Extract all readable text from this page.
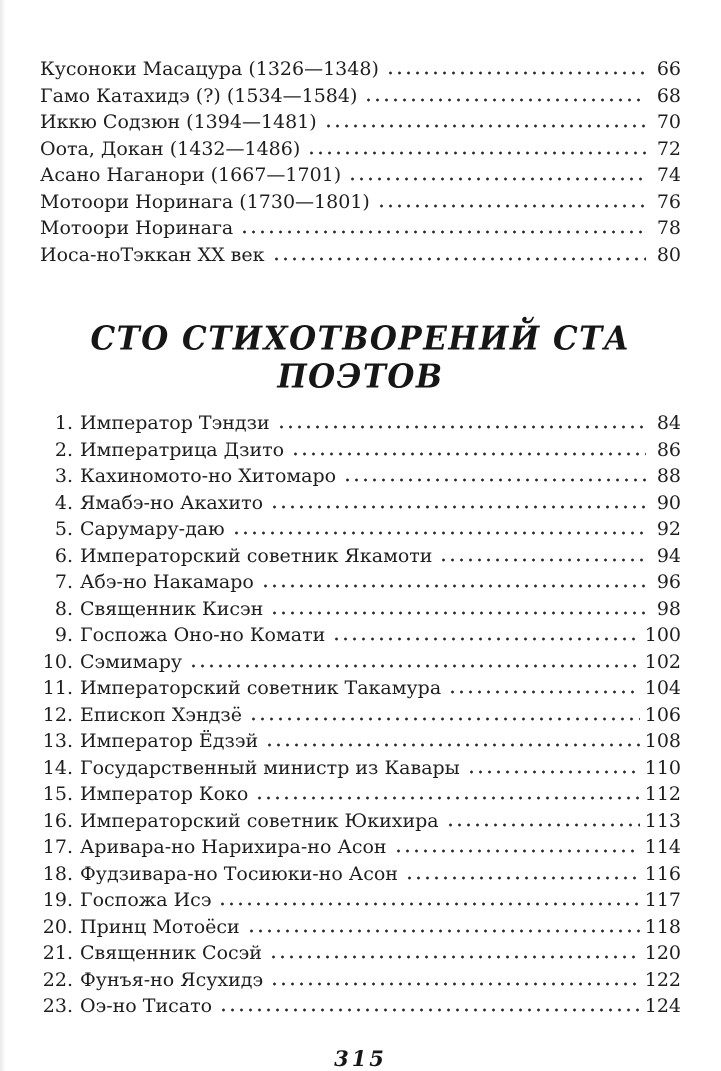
Кусоноки Масацура (1326—1348)	66
Гамо Катахидэ (?) (1534—1584)	68
Иккю Содзюн (1394—1481)	70
Оота, Докан (1432—1486)	72
Асано Наганори (1667—1701)	74
Мотоори Норинага (1730—1801)	76
Мотоори Норинага	78
Иоса-ноТэккан XX век	80
СТО СТИХОТВОРЕНИЙ СТА ПОЭТОВ
1. Император Тэндзи	84
2. Императрица Дзито	86
3. Кахиномото-но Хитомаро	88
4. Ямабэ-но Акахито	90
5. Сарумару-даю	92
6. Императорский советник Якамоти	94
7. Абэ-но Накамаро	96
8. Священник Кисэн	98
9. Госпожа Оно-но Комати	100
10. Сэмимару	102
11. Императорский советник Такамура	104
12. Епископ Хэндзё	106
13. Император Ёдзэй	108
14. Государственный министр из Кавары	110
15. Император Коко	112
16. Императорский советник Юкихира	113
17. Аривара-но Нарихира-но Асон	114
18. Фудзивара-но Тосиюки-но Асон	116
19. Госпожа Исэ	117
20. Принц Мотоёси	118
21. Священник Сосэй	120
22. Фунъя-но Ясухидэ	122
23. Оэ-но Тисато	124
315
